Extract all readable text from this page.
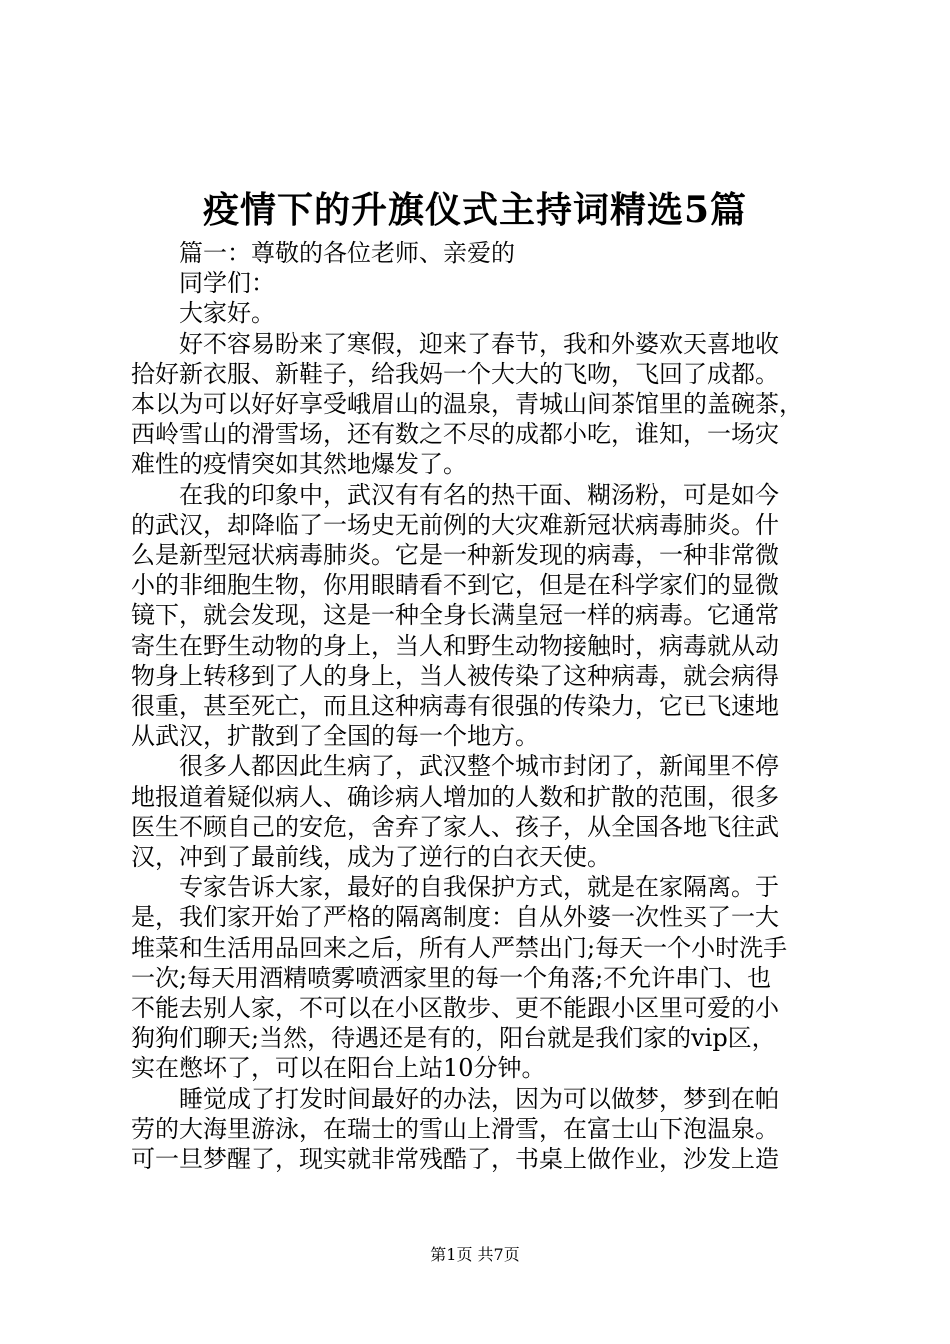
疫情下的升旗仪式主持词精选5篇
篇一：尊敬的各位老师、亲爱的
同学们：
大家好。
好不容易盼来了寒假，迎来了春节，我和外婆欢天喜地收
拾好新衣服、新鞋子，给我妈一个大大的飞吻，飞回了成都。
本以为可以好好享受峨眉山的温泉，青城山间茶馆里的盖碗茶，
西岭雪山的滑雪场，还有数之不尽的成都小吃，谁知，一场灾
难性的疫情突如其然地爆发了。
在我的印象中，武汉有有名的热干面、糊汤粉，可是如今
的武汉，却降临了一场史无前例的大灾难新冠状病毒肺炎。什
么是新型冠状病毒肺炎。它是一种新发现的病毒，一种非常微
小的非细胞生物，你用眼睛看不到它，但是在科学家们的显微
镜下，就会发现，这是一种全身长满皇冠一样的病毒。它通常
寄生在野生动物的身上，当人和野生动物接触时，病毒就从动
物身上转移到了人的身上，当人被传染了这种病毒，就会病得
很重，甚至死亡，而且这种病毒有很强的传染力，它已飞速地
从武汉，扩散到了全国的每一个地方。
很多人都因此生病了，武汉整个城市封闭了，新闻里不停
地报道着疑似病人、确诊病人增加的人数和扩散的范围，很多
医生不顾自己的安危，舍弃了家人、孩子，从全国各地飞往武
汉，冲到了最前线，成为了逆行的白衣天使。
专家告诉大家，最好的自我保护方式，就是在家隔离。于
是，我们家开始了严格的隔离制度：自从外婆一次性买了一大
堆菜和生活用品回来之后，所有人严禁出门;每天一个小时洗手
一次;每天用酒精喷雾喷洒家里的每一个角落;不允许串门、也
不能去别人家，不可以在小区散步、更不能跟小区里可爱的小
狗狗们聊天;当然，待遇还是有的，阳台就是我们家的vip区，
实在憋坏了，可以在阳台上站10分钟。
睡觉成了打发时间最好的办法，因为可以做梦，梦到在帕
劳的大海里游泳，在瑞士的雪山上滑雪，在富士山下泡温泉。
可一旦梦醒了，现实就非常残酷了，书桌上做作业，沙发上造
第1页 共7页
